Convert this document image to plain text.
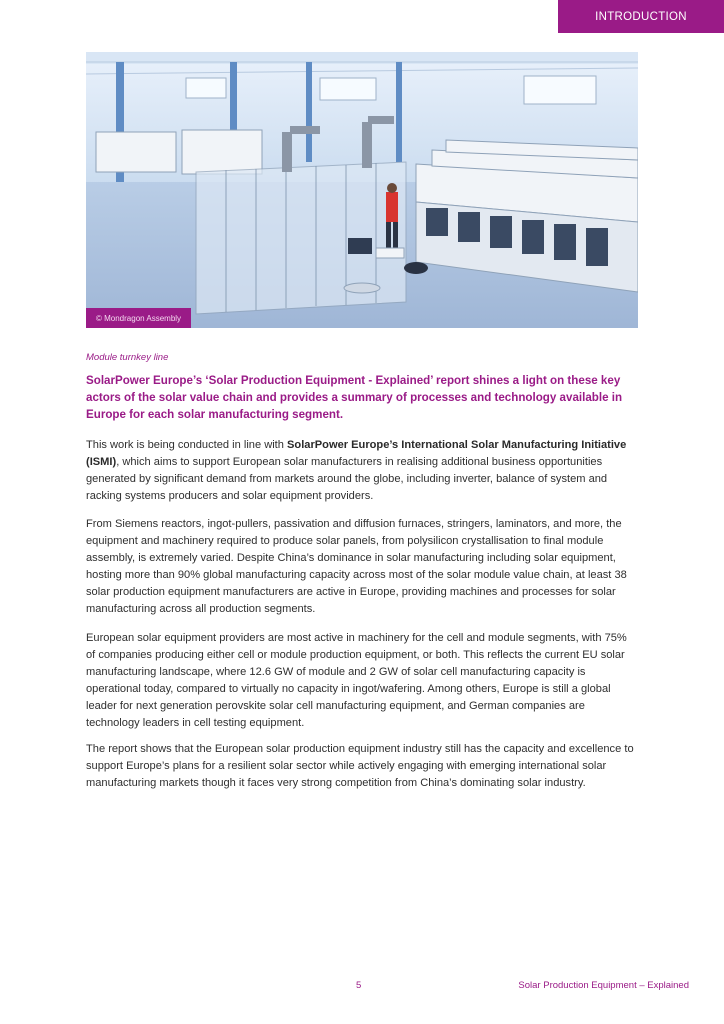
INTRODUCTION
© Mondragon Assembly
Module turnkey line

SolarPower Europe’s ‘Solar Production Equipment - Explained’ report shines a light on these key actors of the solar value chain and provides a summary of processes and technology available in Europe for each solar manufacturing segment.

This work is being conducted in line with SolarPower Europe’s International Solar Manufacturing Initiative (ISMI), which aims to support European solar manufacturers in realising additional business opportunities generated by significant demand from markets around the globe, including inverter, balance of system and racking systems producers and solar equipment providers.

From Siemens reactors, ingot-pullers, passivation and diffusion furnaces, stringers, laminators, and more, the equipment and machinery required to produce solar panels, from polysilicon crystallisation to final module assembly, is extremely varied. Despite China’s dominance in solar manufacturing including solar equipment, hosting more than 90% global manufacturing capacity across most of the solar module value chain, at least 38 solar production equipment manufacturers are active in Europe, providing machines and processes for solar manufacturing across all production segments.

European solar equipment providers are most active in machinery for the cell and module segments, with 75% of companies producing either cell or module production equipment, or both. This reflects the current EU solar manufacturing landscape, where 12.6 GW of module and 2 GW of solar cell manufacturing capacity is operational today, compared to virtually no capacity in ingot/wafering. Among others, Europe is still a global leader for next generation perovskite solar cell manufacturing equipment, and German companies are technology leaders in cell testing equipment.

The report shows that the European solar production equipment industry still has the capacity and excellence to support Europe’s plans for a resilient solar sector while actively engaging with emerging international solar manufacturing markets though it faces very strong competition from China’s dominating solar industry.

5	Solar Production Equipment – Explained
